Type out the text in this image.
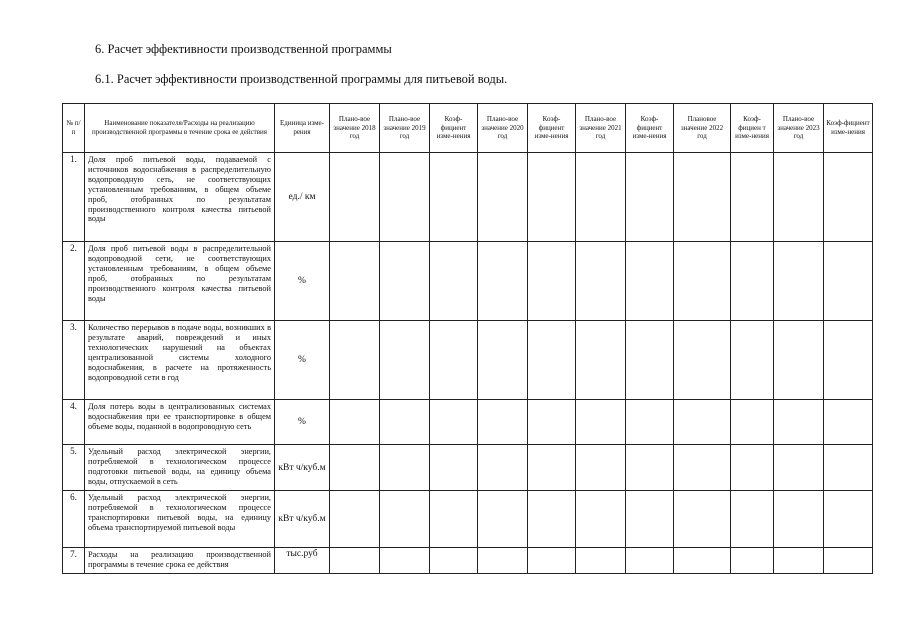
6. Расчет эффективности производственной программы
6.1. Расчет эффективности производственной программы для питьевой воды.
№ п/п	Наименование показателя/Расходы на реализацию производственной программы в течение срока ее действия	Единица изме-рения	Плано-вое значение 2018 год	Плано-вое значение 2019 год	Коэф-фициент изме-нения	Плано-вое значение 2020 год	Коэф-фициент изме-нения	Плано-вое значение 2021 год	Коэф-фициент изме-нения	Плановое значение 2022 год	Коэф-фициен т изме-нения	Плано-вое значение 2023 год	Коэф-фициент изме-нения
1.	Доля проб питьевой воды, подаваемой с источников водоснабжения в распределительную водопроводную сеть, не соответствующих установленным требованиям, в общем объеме проб, отобранных по результатам производственного контроля качества питьевой воды	ед./ км											
2.	Доля проб питьевой воды в распределительной водопроводной сети, не соответствующих установленным требованиям, в общем объеме проб, отобранных по результатам производственного контроля качества питьевой воды	%											
3.	Количество перерывов в подаче воды, возникших в результате аварий, повреждений и иных технологических нарушений на объектах централизованной системы холодного водоснабжения, в расчете на протяженность водопроводной сети в год	%											
4.	Доля потерь воды в централизованных системах водоснабжения при ее транспортировке в общем объеме воды, поданной в водопроводную сеть	%											
5.	Удельный расход электрической энергии, потребляемой в технологическом процессе подготовки питьевой воды, на единицу объема воды, отпускаемой в сеть	кВт ч/куб.м											
6.	Удельный расход электрической энергии, потребляемой в технологическом процессе транспортировки питьевой воды, на единицу объема транспортируемой питьевой воды	кВт ч/куб.м											
7.	Расходы на реализацию производственной программы в течение срока ее действия	тыс.руб											
